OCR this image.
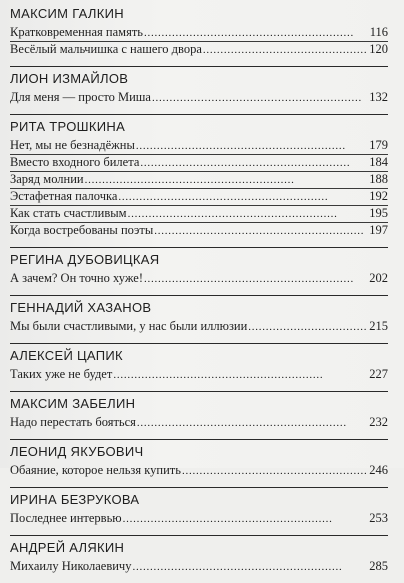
МАКСИМ ГАЛКИН
Кратковременная память . . .	116
Весёлый мальчишка с нашего двора . . .	120
ЛИОН ИЗМАЙЛОВ
Для меня — просто Миша . . .	132
РИТА ТРОШКИНА
Нет, мы не безнадёжны . . .	179
Вместо входного билета . . .	184
Заряд молнии . . .	188
Эстафетная палочка . . .	192
Как стать счастливым . . .	195
Когда востребованы поэты . . .	197
РЕГИНА ДУБОВИЦКАЯ
А зачем? Он точно хуже! . . .	202
ГЕННАДИЙ ХАЗАНОВ
Мы были счастливыми, у нас были иллюзии . . .	215
АЛЕКСЕЙ ЦАПИК
Таких уже не будет . . .	227
МАКСИМ ЗАБЕЛИН
Надо перестать бояться . . .	232
ЛЕОНИД ЯКУБОВИЧ
Обаяние, которое нельзя купить . . .	246
ИРИНА БЕЗРУКОВА
Последнее интервью . . .	253
АНДРЕЙ АЛЯКИН
Михаилу Николаевичу . . .	285
